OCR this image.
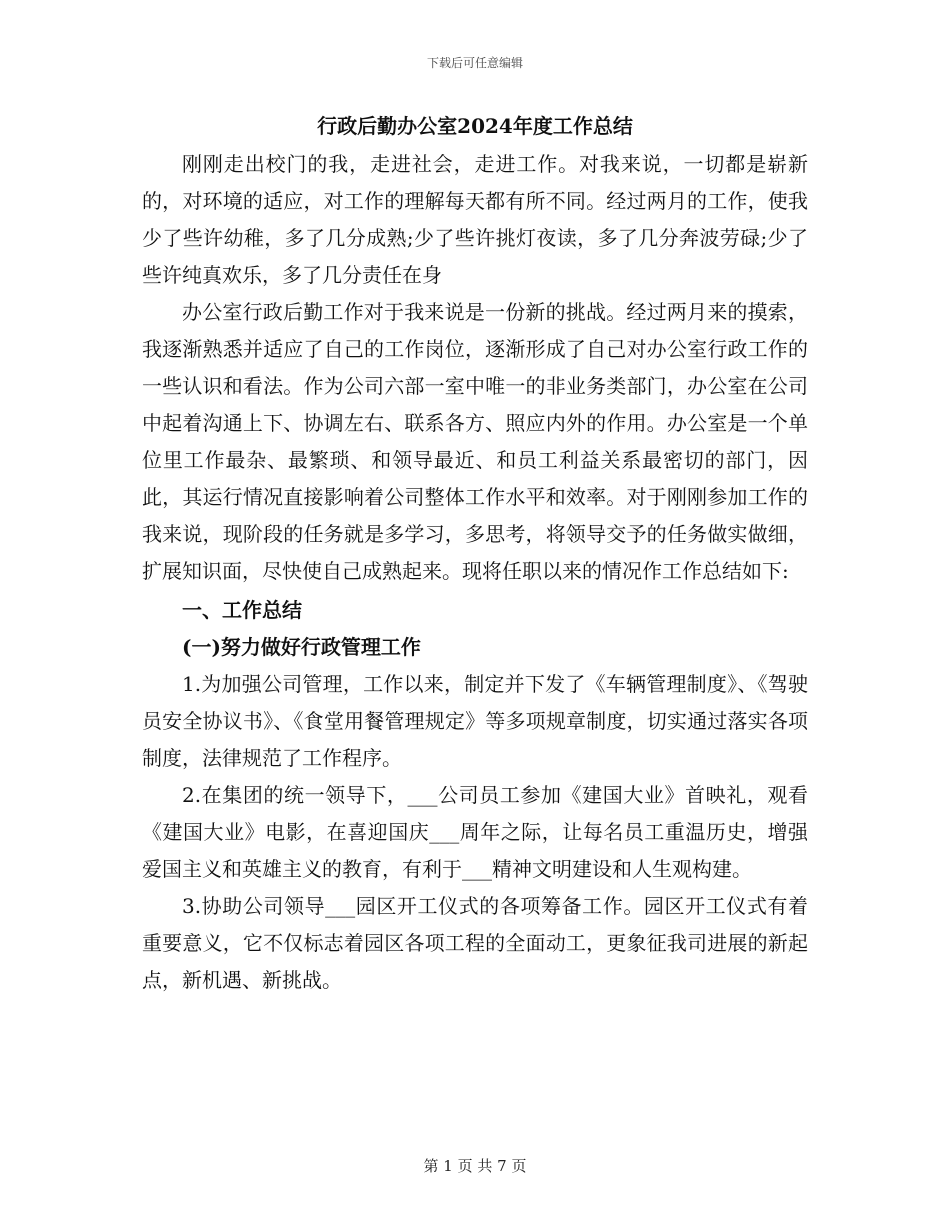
下载后可任意编辑
行政后勤办公室2024年度工作总结

刚刚走出校门的我，走进社会，走进工作。对我来说，一切都是崭新的，对环境的适应，对工作的理解每天都有所不同。经过两月的工作，使我少了些许幼稚，多了几分成熟;少了些许挑灯夜读，多了几分奔波劳碌;少了些许纯真欢乐，多了几分责任在身

办公室行政后勤工作对于我来说是一份新的挑战。经过两月来的摸索，我逐渐熟悉并适应了自己的工作岗位，逐渐形成了自己对办公室行政工作的一些认识和看法。作为公司六部一室中唯一的非业务类部门，办公室在公司中起着沟通上下、协调左右、联系各方、照应内外的作用。办公室是一个单位里工作最杂、最繁琐、和领导最近、和员工利益关系最密切的部门，因此，其运行情况直接影响着公司整体工作水平和效率。对于刚刚参加工作的我来说，现阶段的任务就是多学习，多思考，将领导交予的任务做实做细，扩展知识面，尽快使自己成熟起来。现将任职以来的情况作工作总结如下:

一、工作总结

(一)努力做好行政管理工作

1.为加强公司管理，工作以来，制定并下发了《车辆管理制度》、《驾驶员安全协议书》、《食堂用餐管理规定》等多项规章制度，切实通过落实各项制度，法律规范了工作程序。

2.在集团的统一领导下，___公司员工参加《建国大业》首映礼，观看《建国大业》电影，在喜迎国庆___周年之际，让每名员工重温历史，增强爱国主义和英雄主义的教育，有利于___精神文明建设和人生观构建。

3.协助公司领导___园区开工仪式的各项筹备工作。园区开工仪式有着重要意义，它不仅标志着园区各项工程的全面动工，更象征我司进展的新起点，新机遇、新挑战。

第 1 页 共 7 页
